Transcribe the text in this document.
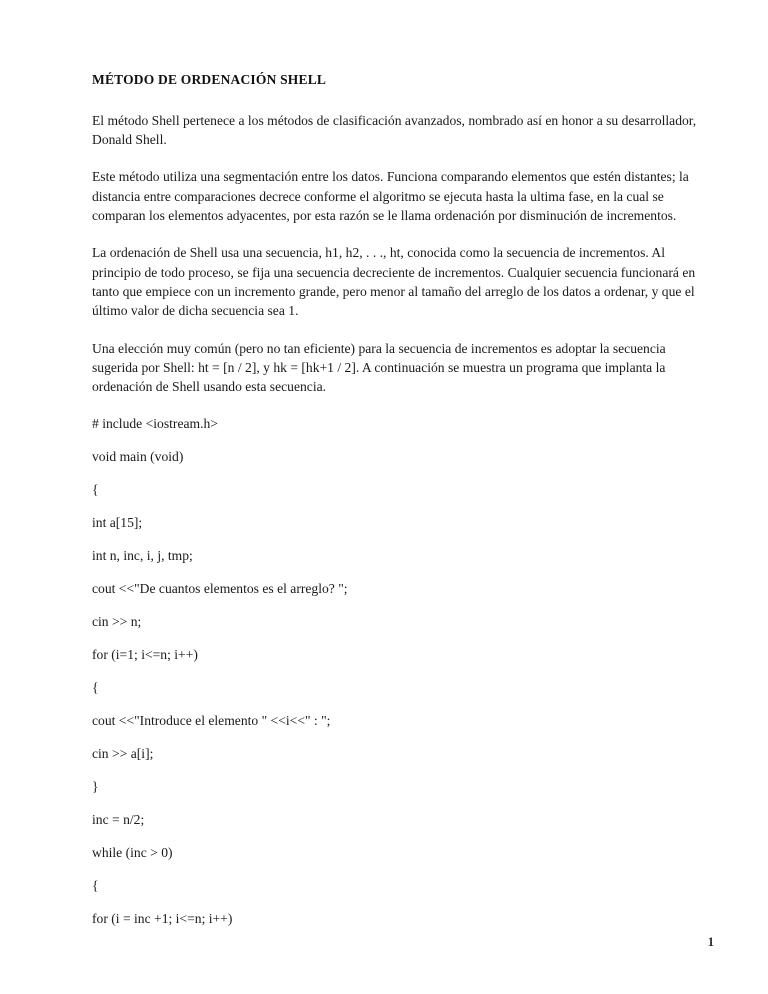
MÉTODO DE ORDENACIÓN SHELL

El método Shell pertenece a los métodos de clasificación avanzados, nombrado así en honor a su desarrollador, Donald Shell.

Este método utiliza una segmentación entre los datos. Funciona comparando elementos que estén distantes; la distancia entre comparaciones decrece conforme el algoritmo se ejecuta hasta la ultima fase, en la cual se comparan los elementos adyacentes, por esta razón se le llama ordenación por disminución de incrementos.

La ordenación de Shell usa una secuencia, h1, h2, . . ., ht, conocida como la secuencia de incrementos. Al principio de todo proceso, se fija una secuencia decreciente de incrementos. Cualquier secuencia funcionará en tanto que empiece con un incremento grande, pero menor al tamaño del arreglo de los datos a ordenar, y que el último valor de dicha secuencia sea 1.

Una elección muy común (pero no tan eficiente) para la secuencia de incrementos es adoptar la secuencia sugerida por Shell: ht = [n / 2], y hk = [hk+1 / 2]. A continuación se muestra un programa que implanta la ordenación de Shell usando esta secuencia.

# include <iostream.h>

void main (void)

{

int a[15];

int n, inc, i, j, tmp;

cout <<"De cuantos elementos es el arreglo? ";

cin >> n;

for (i=1; i<=n; i++)

{

cout <<"Introduce el elemento " <<i<<" : ";

cin >> a[i];

}

inc = n/2;

while (inc > 0)

{

for (i = inc +1; i<=n; i++)

1
